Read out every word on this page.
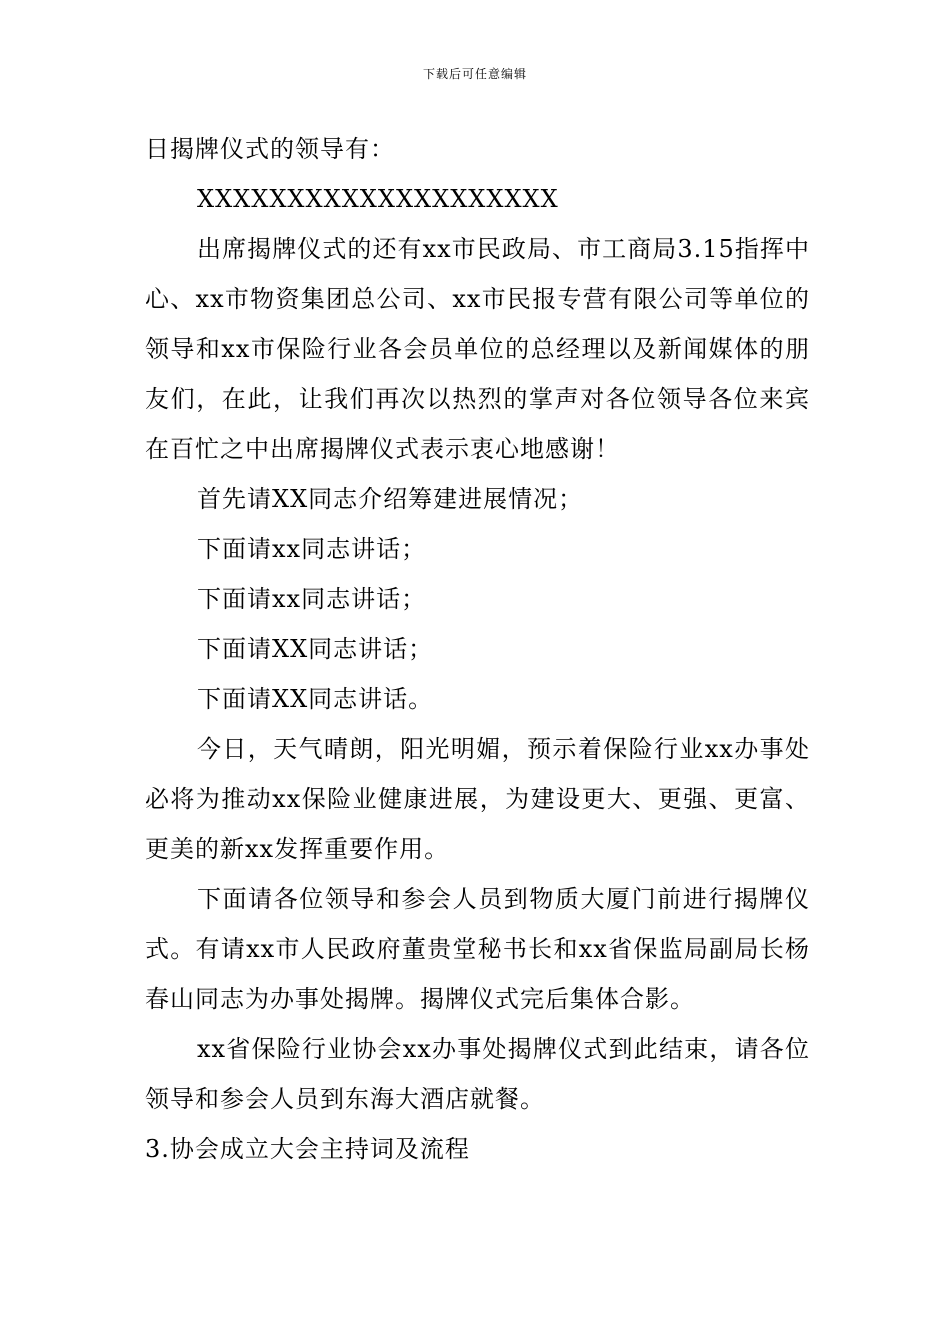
下载后可任意编辑

日揭牌仪式的领导有：

XXXXXXXXXXXXXXXXXXXX

出席揭牌仪式的还有xx市民政局、市工商局3.15指挥中心、xx市物资集团总公司、xx市民报专营有限公司等单位的领导和xx市保险行业各会员单位的总经理以及新闻媒体的朋友们，在此，让我们再次以热烈的掌声对各位领导各位来宾在百忙之中出席揭牌仪式表示衷心地感谢！

首先请XX同志介绍筹建进展情况；

下面请xx同志讲话；

下面请xx同志讲话；

下面请XX同志讲话；

下面请XX同志讲话。

今日，天气晴朗，阳光明媚，预示着保险行业xx办事处必将为推动xx保险业健康进展，为建设更大、更强、更富、更美的新xx发挥重要作用。

下面请各位领导和参会人员到物质大厦门前进行揭牌仪式。有请xx市人民政府董贵堂秘书长和xx省保监局副局长杨春山同志为办事处揭牌。揭牌仪式完后集体合影。

xx省保险行业协会xx办事处揭牌仪式到此结束，请各位领导和参会人员到东海大酒店就餐。

3.协会成立大会主持词及流程
